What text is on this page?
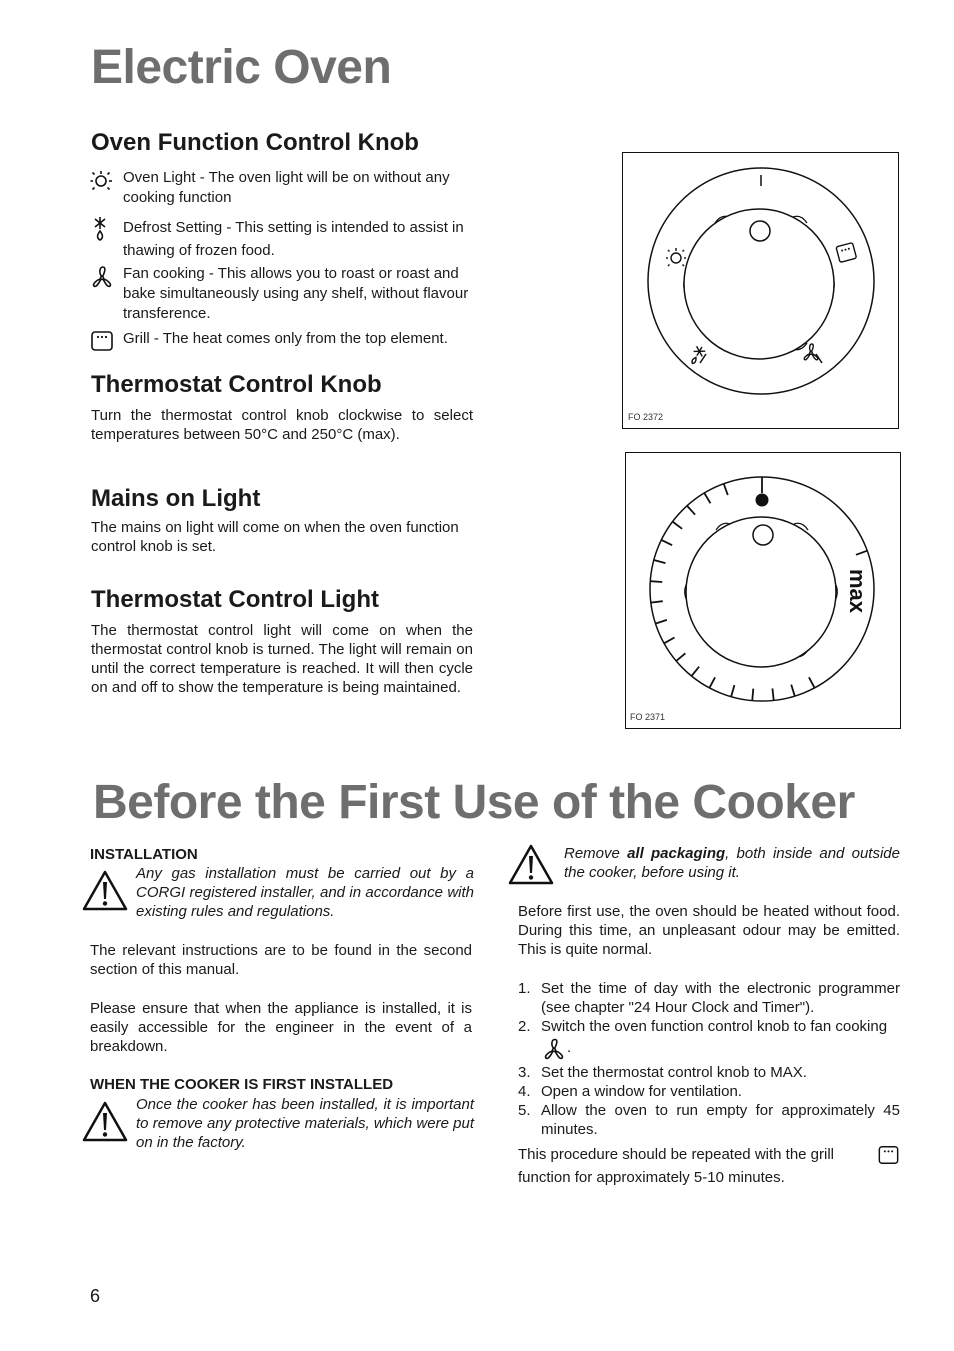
Electric Oven
Oven Function Control Knob
Oven Light - The oven light will be on without any cooking function
Defrost Setting - This setting is intended to assist in thawing of frozen food.
Fan cooking - This allows you to roast or roast and bake simultaneously using any shelf, without flavour transference.
Grill - The heat comes only from the top element.
Thermostat Control Knob

Turn the thermostat control knob clockwise to select temperatures between 50°C and 250°C (max).

Mains on Light

The mains on light will come on when the oven function control knob is set.

Thermostat Control Light

The thermostat control light will come on when the thermostat control knob is turned. The light will remain on until the correct temperature is reached. It will then cycle on and off to show the temperature is being maintained.

FO 2372
max
FO 2371
Before the First Use of the Cooker

INSTALLATION

Any gas installation must be carried out by a CORGI registered installer, and in accordance with existing rules and regulations.

The relevant instructions are to be found in the second section of this manual.

Please ensure that when the appliance is installed, it is easily accessible for the engineer in the event of a breakdown.

WHEN THE COOKER IS FIRST INSTALLED

Once the cooker has been installed, it is important to remove any protective materials, which were put on in the factory.
Remove all packaging, both inside and outside the cooker, before using it.

Before first use, the oven should be heated without food. During this time, an unpleasant odour may be emitted. This is quite normal.

1. Set the time of day with the electronic programmer (see chapter "24 Hour Clock and Timer").
2. Switch the oven function control knob to fan cooking
.
3. Set the thermostat control knob to MAX.
4. Open a window for ventilation.
5. Allow the oven to run empty for approximately 45 minutes.
This procedure should be repeated with the grill
function for approximately 5-10 minutes.
6
